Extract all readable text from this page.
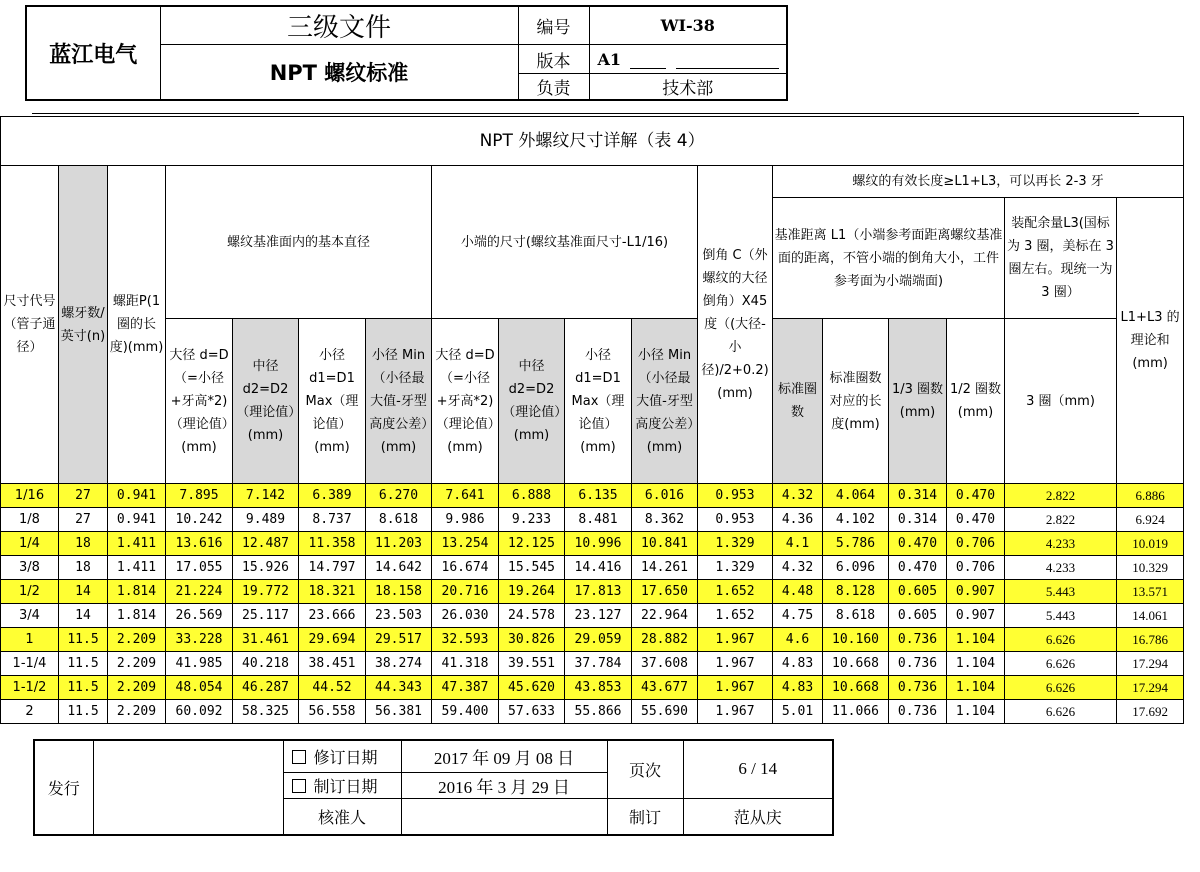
蓝江电气	三级文件	编号	WI-38
	NPT 螺纹标准	版本	A1

		负责	技术部
NPT 外螺纹尺寸详解（表 4）																	
尺寸代号（管子通径）	螺牙数/英寸(n)	螺距P(1 圈的长度)(mm)	螺纹基准面内的基本直径				小端的尺寸(螺纹基准面尺寸-L1/16)				倒角 C（外螺纹的大径倒角）X45 度（(大径-小径)/2+0.2)(mm)	螺纹的有效长度≥L1+L3，可以再长 2-3 牙					
												基准距离 L1（小端参考面距离螺纹基准面的距离，不管小端的倒角大小，工件参考面为小端端面)				装配余量L3(国标为 3 圈，美标在 3 圈左右。现统一为 3 圈）	L1+L3 的理论和(mm)
			大径 d=D（=小径+牙高*2)（理论值）(mm)	中径 d2=D2（理论值）(mm)	小径 d1=D1 Max（理论值）(mm)	小径 Min（小径最大值-牙型高度公差）(mm)	大径 d=D（=小径+牙高*2)（理论值）(mm)	中径 d2=D2（理论值）(mm)	小径 d1=D1 Max（理论值）(mm)	小径 Min（小径最大值-牙型高度公差）(mm)		标准圈数	标准圈数对应的长度(mm)	1/3 圈数(mm)	1/2 圈数(mm)	3 圈（mm)	
1/16	27	0.941	7.895	7.142	6.389	6.270	7.641	6.888	6.135	6.016	0.953	4.32	4.064	0.314	0.470	2.822	6.886
1/8	27	0.941	10.242	9.489	8.737	8.618	9.986	9.233	8.481	8.362	0.953	4.36	4.102	0.314	0.470	2.822	6.924
1/4	18	1.411	13.616	12.487	11.358	11.203	13.254	12.125	10.996	10.841	1.329	4.1	5.786	0.470	0.706	4.233	10.019
3/8	18	1.411	17.055	15.926	14.797	14.642	16.674	15.545	14.416	14.261	1.329	4.32	6.096	0.470	0.706	4.233	10.329
1/2	14	1.814	21.224	19.772	18.321	18.158	20.716	19.264	17.813	17.650	1.652	4.48	8.128	0.605	0.907	5.443	13.571
3/4	14	1.814	26.569	25.117	23.666	23.503	26.030	24.578	23.127	22.964	1.652	4.75	8.618	0.605	0.907	5.443	14.061
1	11.5	2.209	33.228	31.461	29.694	29.517	32.593	30.826	29.059	28.882	1.967	4.6	10.160	0.736	1.104	6.626	16.786
1-1/4	11.5	2.209	41.985	40.218	38.451	38.274	41.318	39.551	37.784	37.608	1.967	4.83	10.668	0.736	1.104	6.626	17.294
1-1/2	11.5	2.209	48.054	46.287	44.52	44.343	47.387	45.620	43.853	43.677	1.967	4.83	10.668	0.736	1.104	6.626	17.294
2	11.5	2.209	60.092	58.325	56.558	56.381	59.400	57.633	55.866	55.690	1.967	5.01	11.066	0.736	1.104	6.626	17.692
发行		修订日期	2017 年 09 月 08 日	页次	6 / 14
		制订日期	2016 年 3 月 29 日		
		核准人		制订	范从庆
